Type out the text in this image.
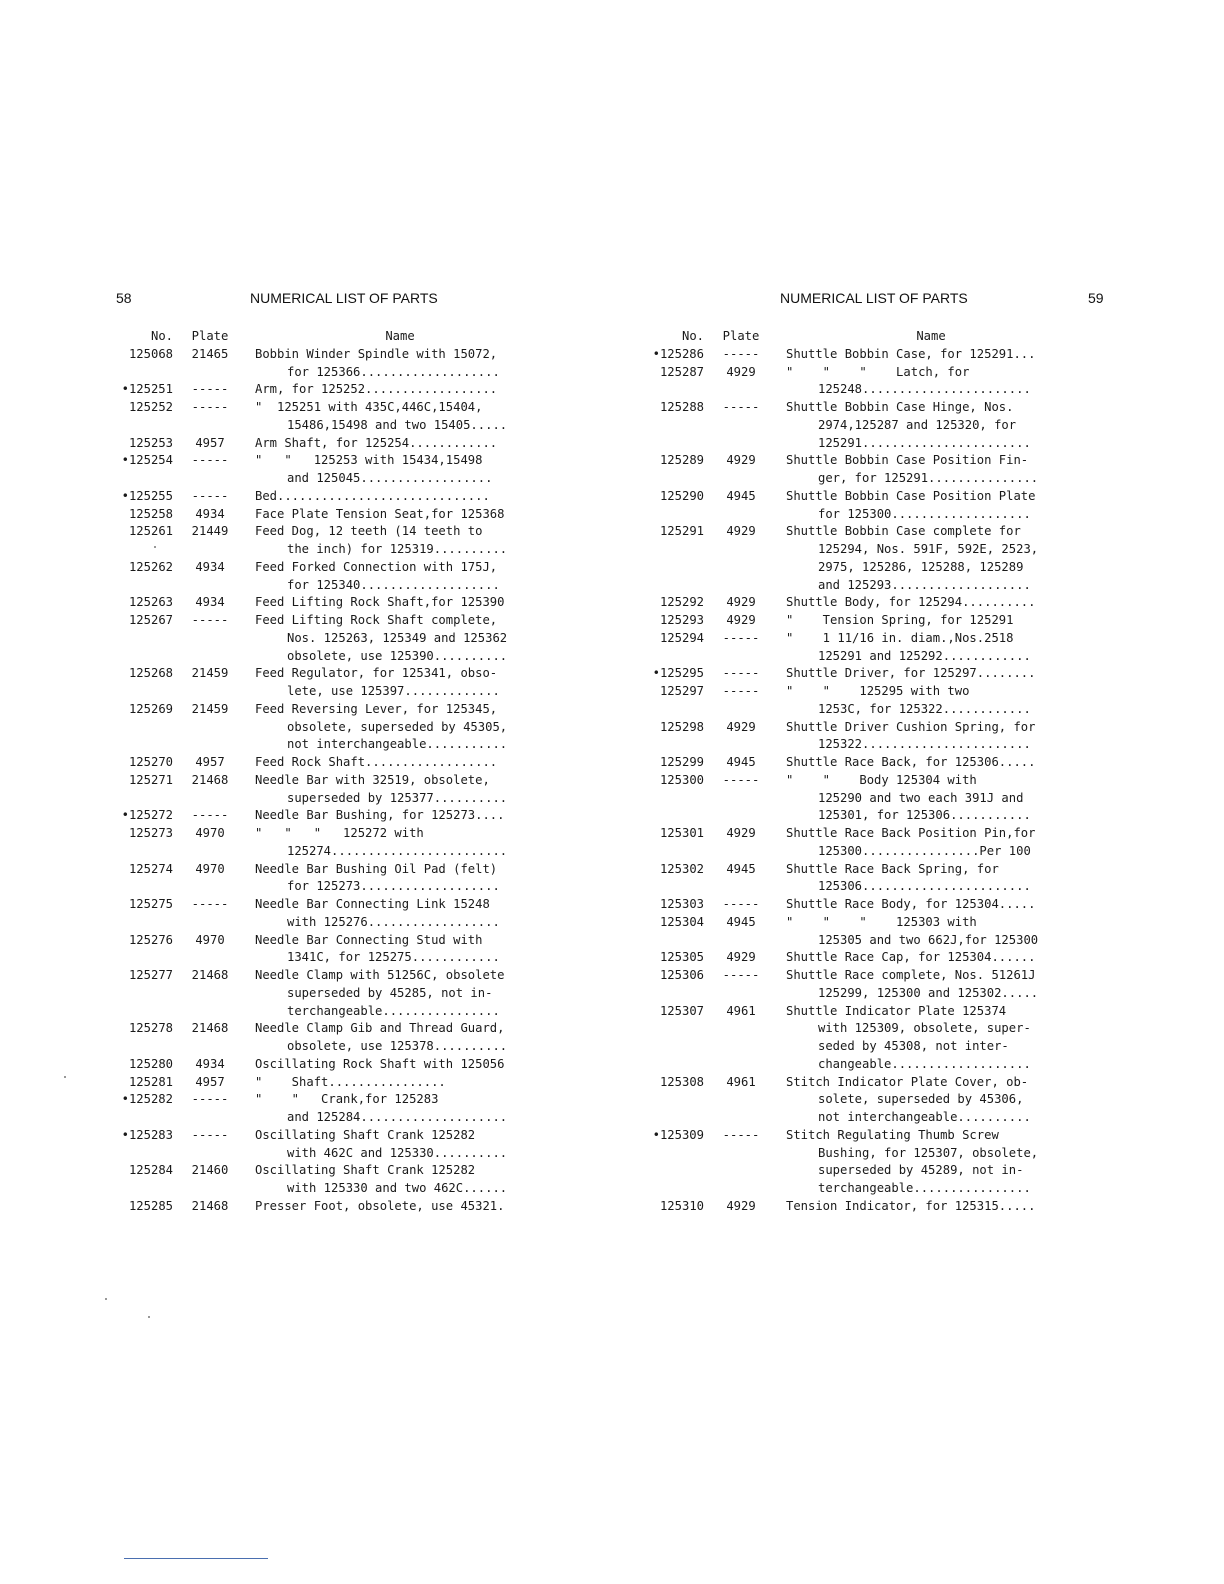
58	NUMERICAL LIST OF PARTS	NUMERICAL LIST OF PARTS	59
No.	Plate	Name
125068	21465	Bobbin Winder Spindle with 15072,
for 125366...................
•125251	-----	Arm, for 125252..................
125252	-----	"  125251 with 435C,446C,15404,
15486,15498 and two 15405.....
125253	4957	Arm Shaft, for 125254............
•125254	-----	"   "   125253 with 15434,15498
and 125045..................
•125255	-----	Bed.............................
125258	4934	Face Plate Tension Seat,for 125368
125261	21449	Feed Dog, 12 teeth (14 teeth to
the inch) for 125319..........
125262	4934	Feed Forked Connection with 175J,
for 125340...................
125263	4934	Feed Lifting Rock Shaft,for 125390
125267	-----	Feed Lifting Rock Shaft complete,
Nos. 125263, 125349 and 125362
obsolete, use 125390..........
125268	21459	Feed Regulator, for 125341, obso-
lete, use 125397.............
125269	21459	Feed Reversing Lever, for 125345,
obsolete, superseded by 45305,
not interchangeable...........
125270	4957	Feed Rock Shaft..................
125271	21468	Needle Bar with 32519, obsolete,
superseded by 125377..........
•125272	-----	Needle Bar Bushing, for 125273....
125273	4970	"   "   "   125272 with
125274........................
125274	4970	Needle Bar Bushing Oil Pad (felt)
for 125273...................
125275	-----	Needle Bar Connecting Link 15248
with 125276..................
125276	4970	Needle Bar Connecting Stud with
1341C, for 125275............
125277	21468	Needle Clamp with 51256C, obsolete
superseded by 45285, not in-
terchangeable................
125278	21468	Needle Clamp Gib and Thread Guard,
obsolete, use 125378..........
125280	4934	Oscillating Rock Shaft with 125056
125281	4957	"    Shaft................
•125282	-----	"    "   Crank,for 125283
and 125284....................
•125283	-----	Oscillating Shaft Crank 125282
with 462C and 125330..........
125284	21460	Oscillating Shaft Crank 125282
with 125330 and two 462C......
125285	21468	Presser Foot, obsolete, use 45321.
No.	Plate	Name
•125286	-----	Shuttle Bobbin Case, for 125291...
125287	4929	"    "    "    Latch, for
125248.......................
125288	-----	Shuttle Bobbin Case Hinge, Nos.
2974,125287 and 125320, for
125291.......................
125289	4929	Shuttle Bobbin Case Position Fin-
ger, for 125291...............
125290	4945	Shuttle Bobbin Case Position Plate
for 125300...................
125291	4929	Shuttle Bobbin Case complete for
125294, Nos. 591F, 592E, 2523,
2975, 125286, 125288, 125289
and 125293...................
125292	4929	Shuttle Body, for 125294..........
125293	4929	"    Tension Spring, for 125291
125294	-----	"    1 11/16 in. diam.,Nos.2518
125291 and 125292............
•125295	-----	Shuttle Driver, for 125297........
125297	-----	"    "    125295 with two
1253C, for 125322............
125298	4929	Shuttle Driver Cushion Spring, for
125322.......................
125299	4945	Shuttle Race Back, for 125306.....
125300	-----	"    "    Body 125304 with
125290 and two each 391J and
125301, for 125306...........
125301	4929	Shuttle Race Back Position Pin,for
125300................Per 100
125302	4945	Shuttle Race Back Spring, for
125306.......................
125303	-----	Shuttle Race Body, for 125304.....
125304	4945	"    "    "    125303 with
125305 and two 662J,for 125300
125305	4929	Shuttle Race Cap, for 125304......
125306	-----	Shuttle Race complete, Nos. 51261J
125299, 125300 and 125302.....
125307	4961	Shuttle Indicator Plate 125374
with 125309, obsolete, super-
seded by 45308, not inter-
changeable...................
125308	4961	Stitch Indicator Plate Cover, ob-
solete, superseded by 45306,
not interchangeable..........
•125309	-----	Stitch Regulating Thumb Screw
Bushing, for 125307, obsolete,
superseded by 45289, not in-
terchangeable................
125310	4929	Tension Indicator, for 125315.....
